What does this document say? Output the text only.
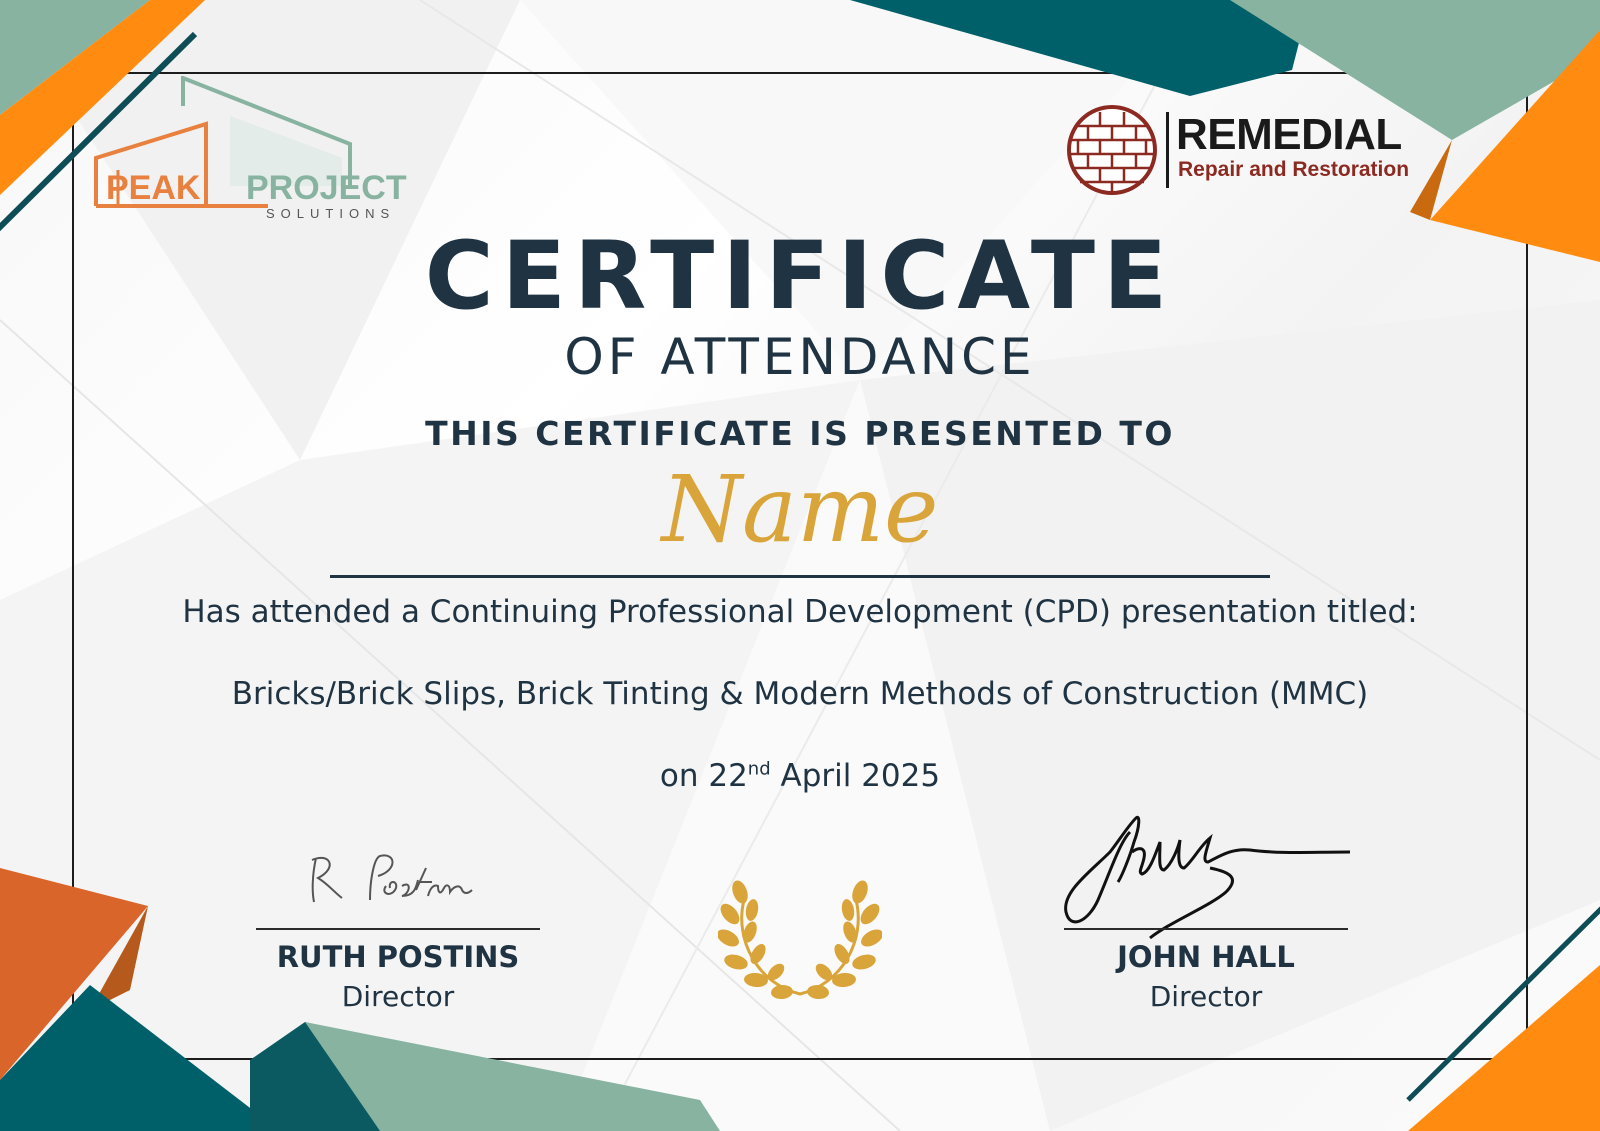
PEAK PROJECT
SOLUTIONS
REMEDIAL
Repair and Restoration
CERTIFICATE
OF ATTENDANCE
THIS CERTIFICATE IS PRESENTED TO
Name
Has attended a Continuing Professional Development (CPD) presentation titled:
Bricks/Brick Slips, Brick Tinting & Modern Methods of Construction (MMC)
on 22nd April 2025
RUTH POSTINS
Director
JOHN HALL
Director
